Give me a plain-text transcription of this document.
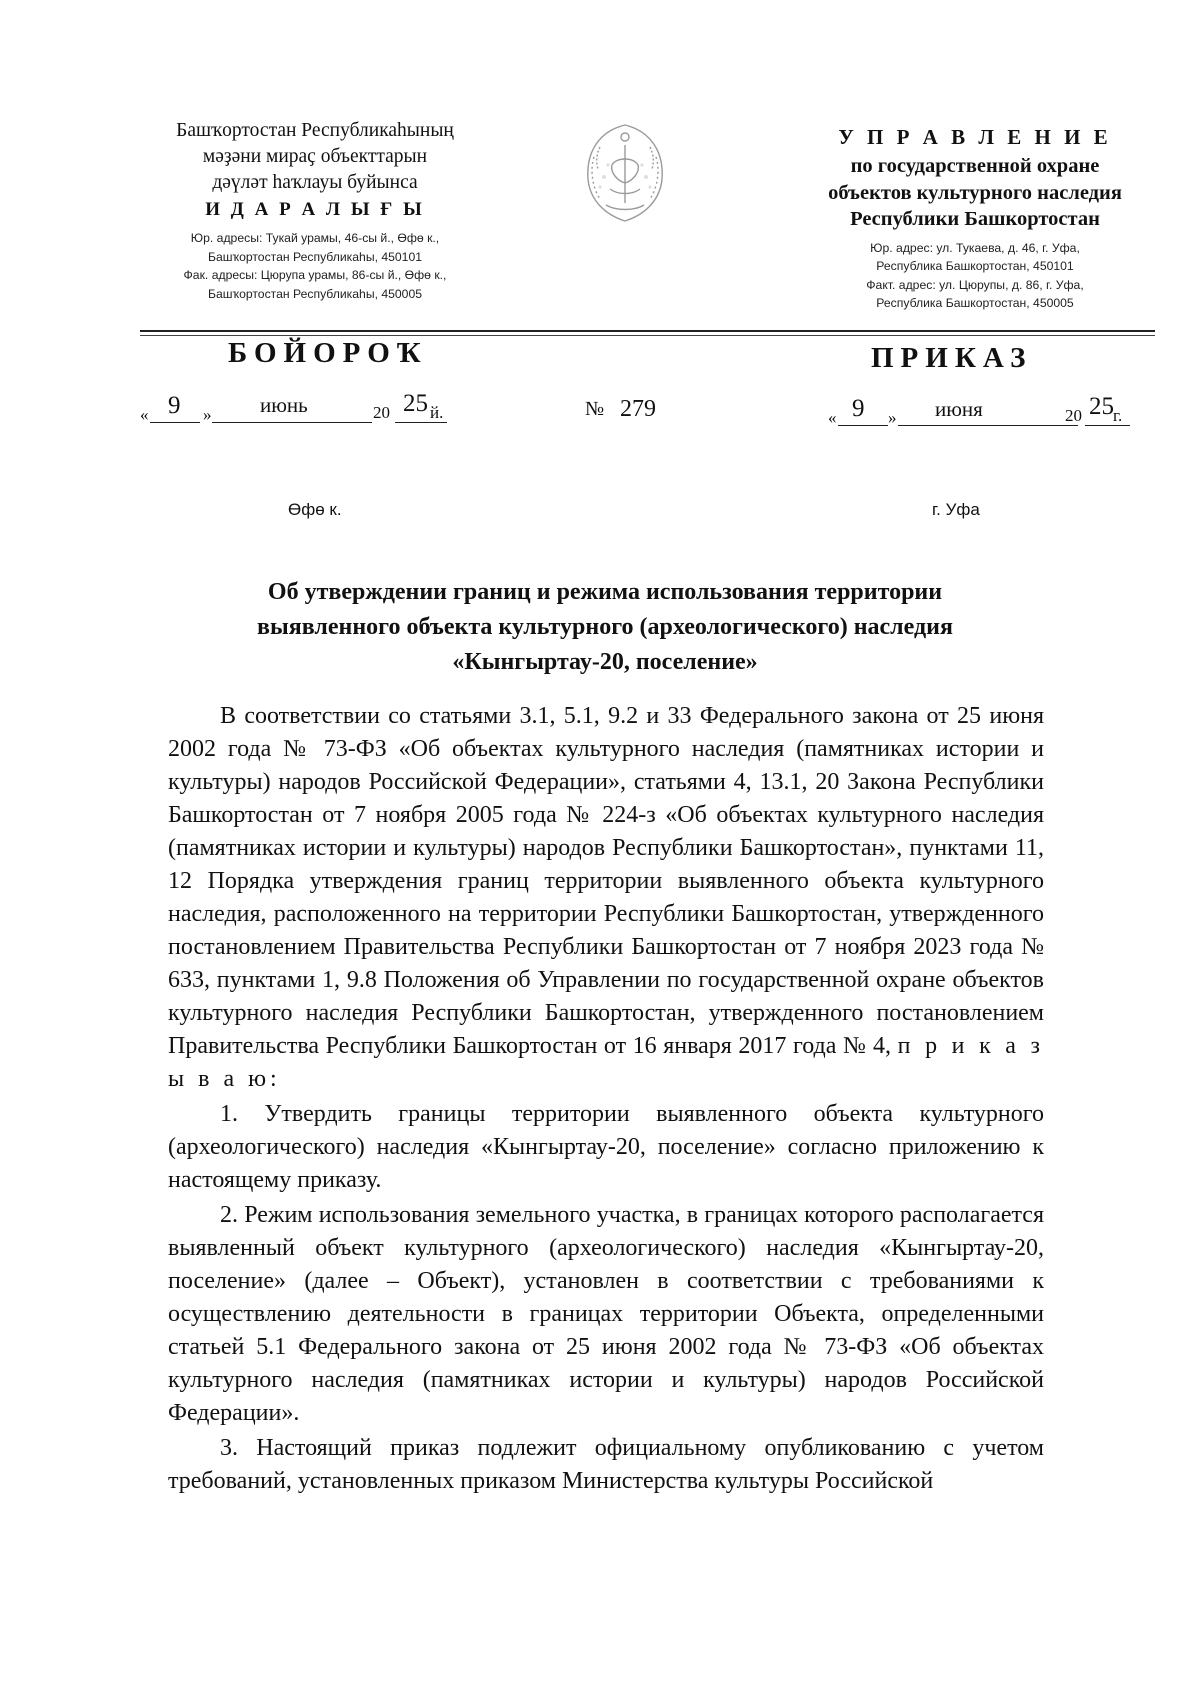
Башҡортостан Республикаһының
мәҙәни мираҫ объекттарын
дәүләт һаҡлауы буйынса
И Д А Р А Л Ы Ғ Ы
Юр. адресы: Тукай урамы, 46-сы й., Өфө к.,
Башҡортостан Республикаһы, 450101
Фак. адресы: Цюрупа урамы, 86-сы й., Өфө к.,
Башҡортостан Республикаһы, 450005
У П Р А В Л Е Н И Е
по государственной охране
объектов культурного наследия
Республики Башкортостан
Юр. адрес: ул. Тукаева, д. 46, г. Уфа,
Республика Башкортостан, 450101
Факт. адрес: ул. Цюрупы, д. 86, г. Уфа,
Республика Башкортостан, 450005
БОЙОРОҠ	ПРИКАЗ
« 9 » июнь	20 25 й.	№ 279	« 9 » июня	20 25 г.
Өфө к.	г. Уфа
Об утверждении границ и режима использования территории
выявленного объекта культурного (археологического) наследия
«Кынгыртау-20, поселение»

В соответствии со статьями 3.1, 5.1, 9.2 и 33 Федерального закона от 25 июня 2002 года № 73-ФЗ «Об объектах культурного наследия (памятниках истории и культуры) народов Российской Федерации», статьями 4, 13.1, 20 Закона Республики Башкортостан от 7 ноября 2005 года № 224-з «Об объектах культурного наследия (памятниках истории и культуры) народов Республики Башкортостан», пунктами 11, 12 Порядка утверждения границ территории выявленного объекта культурного наследия, расположенного на территории Республики Башкортостан, утвержденного постановлением Правительства Республики Башкортостан от 7 ноября 2023 года № 633, пунктами 1, 9.8 Положения об Управлении по государственной охране объектов культурного наследия Республики Башкортостан, утвержденного постановлением Правительства Республики Башкортостан от 16 января 2017 года № 4, п р и к а з ы в а ю:

1. Утвердить границы территории выявленного объекта культурного (археологического) наследия «Кынгыртау-20, поселение» согласно приложению к настоящему приказу.

2. Режим использования земельного участка, в границах которого располагается выявленный объект культурного (археологического) наследия «Кынгыртау-20, поселение» (далее – Объект), установлен в соответствии с требованиями к осуществлению деятельности в границах территории Объекта, определенными статьей 5.1 Федерального закона от 25 июня 2002 года № 73-ФЗ «Об объектах культурного наследия (памятниках истории и культуры) народов Российской Федерации».

3. Настоящий приказ подлежит официальному опубликованию с учетом требований, установленных приказом Министерства культуры Российской
